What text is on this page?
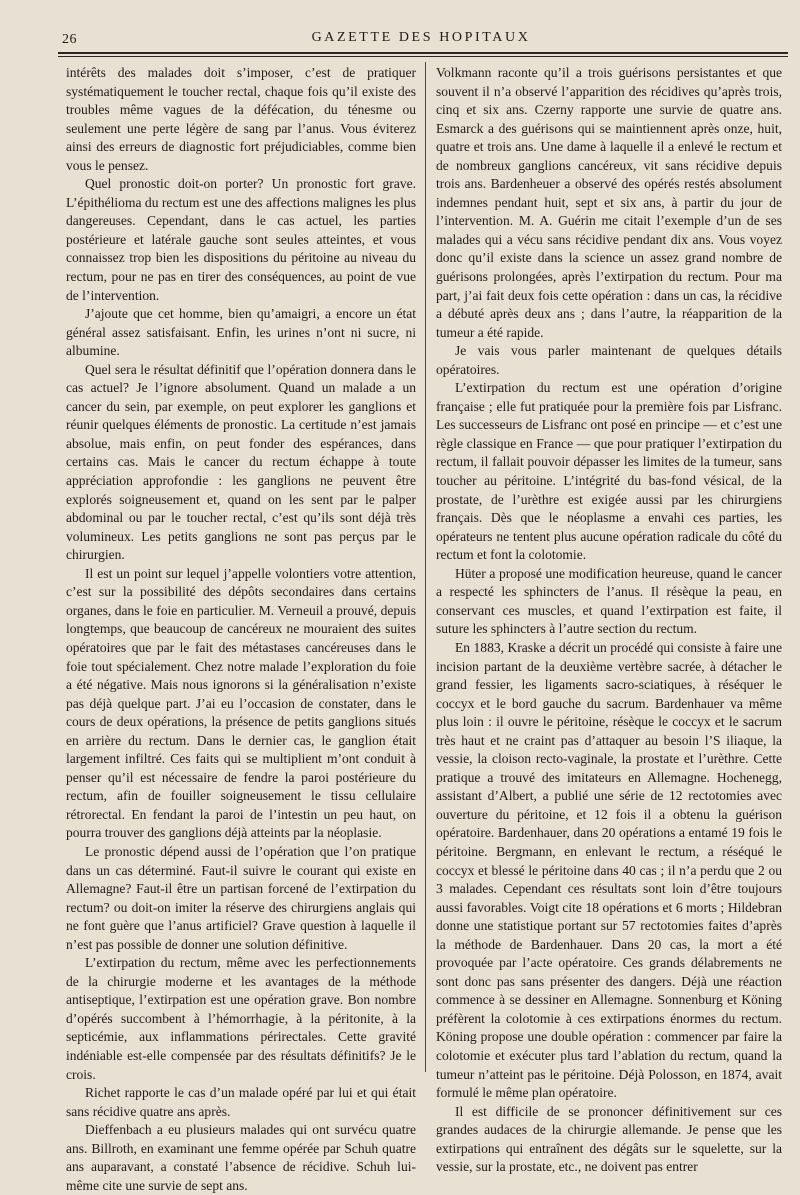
26	GAZETTE DES HOPITAUX

intérêts des malades doit s’imposer, c’est de pratiquer systématiquement le toucher rectal, chaque fois qu’il existe des troubles même vagues de la défécation, du ténesme ou seulement une perte légère de sang par l’anus. Vous éviterez ainsi des erreurs de diagnostic fort préjudiciables, comme bien vous le pensez.

Quel pronostic doit-on porter? Un pronostic fort grave. L’épithélioma du rectum est une des affections malignes les plus dangereuses. Cependant, dans le cas actuel, les parties postérieure et latérale gauche sont seules atteintes, et vous connaissez trop bien les dispositions du péritoine au niveau du rectum, pour ne pas en tirer des conséquences, au point de vue de l’intervention.

J’ajoute que cet homme, bien qu’amaigri, a encore un état général assez satisfaisant. Enfin, les urines n’ont ni sucre, ni albumine.

Quel sera le résultat définitif que l’opération donnera dans le cas actuel? Je l’ignore absolument. Quand un malade a un cancer du sein, par exemple, on peut explorer les ganglions et réunir quelques éléments de pronostic. La certitude n’est jamais absolue, mais enfin, on peut fonder des espérances, dans certains cas. Mais le cancer du rectum échappe à toute appréciation approfondie : les ganglions ne peuvent être explorés soigneusement et, quand on les sent par le palper abdominal ou par le toucher rectal, c’est qu’ils sont déjà très volumineux. Les petits ganglions ne sont pas perçus par le chirurgien.

Il est un point sur lequel j’appelle volontiers votre attention, c’est sur la possibilité des dépôts secondaires dans certains organes, dans le foie en particulier. M. Verneuil a prouvé, depuis longtemps, que beaucoup de cancéreux ne mouraient des suites opératoires que par le fait des métastases cancéreuses dans le foie tout spécialement. Chez notre malade l’exploration du foie a été négative. Mais nous ignorons si la généralisation n’existe pas déjà quelque part. J’ai eu l’occasion de constater, dans le cours de deux opérations, la présence de petits ganglions situés en arrière du rectum. Dans le dernier cas, le ganglion était largement infiltré. Ces faits qui se multiplient m’ont conduit à penser qu’il est nécessaire de fendre la paroi postérieure du rectum, afin de fouiller soigneusement le tissu cellulaire rétrorectal. En fendant la paroi de l’intestin un peu haut, on pourra trouver des ganglions déjà atteints par la néoplasie.

Le pronostic dépend aussi de l’opération que l’on pratique dans un cas déterminé. Faut-il suivre le courant qui existe en Allemagne? Faut-il être un partisan forcené de l’extirpation du rectum? ou doit-on imiter la réserve des chirurgiens anglais qui ne font guère que l’anus artificiel? Grave question à laquelle il n’est pas possible de donner une solution définitive.

L’extirpation du rectum, même avec les perfectionnements de la chirurgie moderne et les avantages de la méthode antiseptique, l’extirpation est une opération grave. Bon nombre d’opérés succombent à l’hémorrhagie, à la péritonite, à la septicémie, aux inflammations périrectales. Cette gravité indéniable est-elle compensée par des résultats définitifs? Je le crois.

Richet rapporte le cas d’un malade opéré par lui et qui était sans récidive quatre ans après.

Dieffenbach a eu plusieurs malades qui ont survécu quatre ans. Billroth, en examinant une femme opérée par Schuh quatre ans auparavant, a constaté l’absence de récidive. Schuh lui-même cite une survie de sept ans.

Volkmann raconte qu’il a trois guérisons persistantes et que souvent il n’a observé l’apparition des récidives qu’après trois, cinq et six ans. Czerny rapporte une survie de quatre ans. Esmarck a des guérisons qui se maintiennent après onze, huit, quatre et trois ans. Une dame à laquelle il a enlevé le rectum et de nombreux ganglions cancéreux, vit sans récidive depuis trois ans. Bardenheuer a observé des opérés restés absolument indemnes pendant huit, sept et six ans, à partir du jour de l’intervention. M. A. Guérin me citait l’exemple d’un de ses malades qui a vécu sans récidive pendant dix ans. Vous voyez donc qu’il existe dans la science un assez grand nombre de guérisons prolongées, après l’extirpation du rectum. Pour ma part, j’ai fait deux fois cette opération : dans un cas, la récidive a débuté après deux ans ; dans l’autre, la réapparition de la tumeur a été rapide.

Je vais vous parler maintenant de quelques détails opératoires.

L’extirpation du rectum est une opération d’origine française ; elle fut pratiquée pour la première fois par Lisfranc. Les successeurs de Lisfranc ont posé en principe — et c’est une règle classique en France — que pour pratiquer l’extirpation du rectum, il fallait pouvoir dépasser les limites de la tumeur, sans toucher au péritoine. L’intégrité du bas-fond vésical, de la prostate, de l’urèthre est exigée aussi par les chirurgiens français. Dès que le néoplasme a envahi ces parties, les opérateurs ne tentent plus aucune opération radicale du côté du rectum et font la colotomie.

Hüter a proposé une modification heureuse, quand le cancer a respecté les sphincters de l’anus. Il résèque la peau, en conservant ces muscles, et quand l’extirpation est faite, il suture les sphincters à l’autre section du rectum.

En 1883, Kraske a décrit un procédé qui consiste à faire une incision partant de la deuxième vertèbre sacrée, à détacher le grand fessier, les ligaments sacro-sciatiques, à réséquer le coccyx et le bord gauche du sacrum. Bardenhauer va même plus loin : il ouvre le péritoine, résèque le coccyx et le sacrum très haut et ne craint pas d’attaquer au besoin l’S iliaque, la vessie, la cloison recto-vaginale, la prostate et l’urèthre. Cette pratique a trouvé des imitateurs en Allemagne. Hochenegg, assistant d’Albert, a publié une série de 12 rectotomies avec ouverture du péritoine, et 12 fois il a obtenu la guérison opératoire. Bardenhauer, dans 20 opérations a entamé 19 fois le péritoine. Bergmann, en enlevant le rectum, a réséqué le coccyx et blessé le péritoine dans 40 cas ; il n’a perdu que 2 ou 3 malades. Cependant ces résultats sont loin d’être toujours aussi favorables. Voigt cite 18 opérations et 6 morts ; Hildebran donne une statistique portant sur 57 rectotomies faites d’après la méthode de Bardenhauer. Dans 20 cas, la mort a été provoquée par l’acte opératoire. Ces grands délabrements ne sont donc pas sans présenter des dangers. Déjà une réaction commence à se dessiner en Allemagne. Sonnenburg et Köning préfèrent la colotomie à ces extirpations énormes du rectum. Köning propose une double opération : commencer par faire la colotomie et exécuter plus tard l’ablation du rectum, quand la tumeur n’atteint pas le péritoine. Déjà Polosson, en 1874, avait formulé le même plan opératoire.

Il est difficile de se prononcer définitivement sur ces grandes audaces de la chirurgie allemande. Je pense que les extirpations qui entraînent des dégâts sur le squelette, sur la vessie, sur la prostate, etc., ne doivent pas entrer
